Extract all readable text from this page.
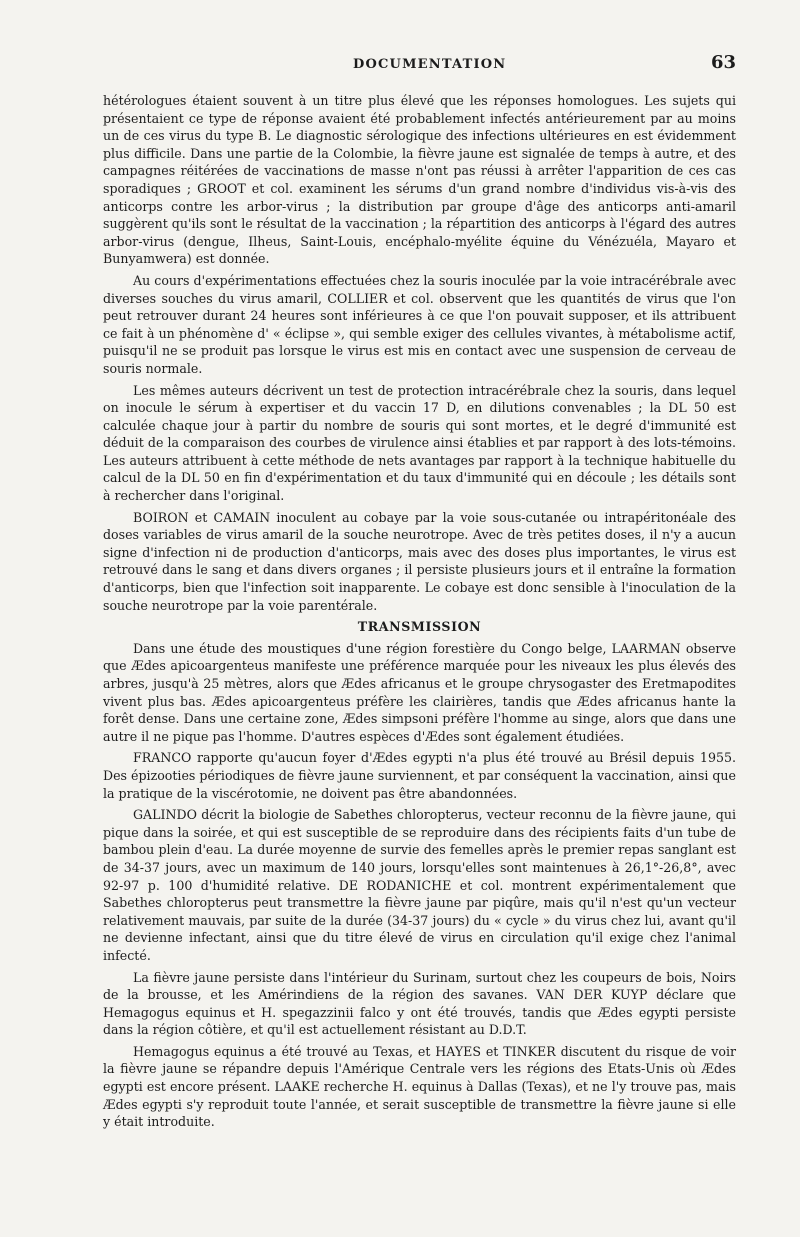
DOCUMENTATION	63

hétérologues étaient souvent à un titre plus élevé que les réponses homologues. Les sujets qui présentaient ce type de réponse avaient été probablement infectés antérieurement par au moins un de ces virus du type B. Le diagnostic sérologique des infections ultérieures en est évidemment plus difficile. Dans une partie de la Colombie, la fièvre jaune est signalée de temps à autre, et des campagnes réitérées de vaccinations de masse n'ont pas réussi à arrêter l'apparition de ces cas sporadiques ; GROOT et col. examinent les sérums d'un grand nombre d'individus vis-à-vis des anticorps contre les arbor-virus ; la distribution par groupe d'âge des anticorps anti-amaril suggèrent qu'ils sont le résultat de la vaccination ; la répartition des anticorps à l'égard des autres arbor-virus (dengue, Ilheus, Saint-Louis, encéphalo-myélite équine du Vénézuéla, Mayaro et Bunyamwera) est donnée.

Au cours d'expérimentations effectuées chez la souris inoculée par la voie intracérébrale avec diverses souches du virus amaril, COLLIER et col. observent que les quantités de virus que l'on peut retrouver durant 24 heures sont inférieures à ce que l'on pouvait supposer, et ils attribuent ce fait à un phénomène d' « éclipse », qui semble exiger des cellules vivantes, à métabolisme actif, puisqu'il ne se produit pas lorsque le virus est mis en contact avec une suspension de cerveau de souris normale.

Les mêmes auteurs décrivent un test de protection intracérébrale chez la souris, dans lequel on inocule le sérum à expertiser et du vaccin 17 D, en dilutions convenables ; la DL 50 est calculée chaque jour à partir du nombre de souris qui sont mortes, et le degré d'immunité est déduit de la comparaison des courbes de virulence ainsi établies et par rapport à des lots-témoins. Les auteurs attribuent à cette méthode de nets avantages par rapport à la technique habituelle du calcul de la DL 50 en fin d'expérimentation et du taux d'immunité qui en découle ; les détails sont à rechercher dans l'original.

BOIRON et CAMAIN inoculent au cobaye par la voie sous-cutanée ou intrapéritonéale des doses variables de virus amaril de la souche neurotrope. Avec de très petites doses, il n'y a aucun signe d'infection ni de production d'anticorps, mais avec des doses plus importantes, le virus est retrouvé dans le sang et dans divers organes ; il persiste plusieurs jours et il entraîne la formation d'anticorps, bien que l'infection soit inapparente. Le cobaye est donc sensible à l'inoculation de la souche neurotrope par la voie parentérale.

TRANSMISSION

Dans une étude des moustiques d'une région forestière du Congo belge, LAARMAN observe que Ædes apicoargenteus manifeste une préférence marquée pour les niveaux les plus élevés des arbres, jusqu'à 25 mètres, alors que Ædes africanus et le groupe chrysogaster des Eretmapodites vivent plus bas. Ædes apicoargenteus préfère les clairières, tandis que Ædes africanus hante la forêt dense. Dans une certaine zone, Ædes simpsoni préfère l'homme au singe, alors que dans une autre il ne pique pas l'homme. D'autres espèces d'Ædes sont également étudiées.

FRANCO rapporte qu'aucun foyer d'Ædes egypti n'a plus été trouvé au Brésil depuis 1955. Des épizooties périodiques de fièvre jaune surviennent, et par conséquent la vaccination, ainsi que la pratique de la viscérotomie, ne doivent pas être abandonnées.

GALINDO décrit la biologie de Sabethes chloropterus, vecteur reconnu de la fièvre jaune, qui pique dans la soirée, et qui est susceptible de se reproduire dans des récipients faits d'un tube de bambou plein d'eau. La durée moyenne de survie des femelles après le premier repas sanglant est de 34-37 jours, avec un maximum de 140 jours, lorsqu'elles sont maintenues à 26,1°-26,8°, avec 92-97 p. 100 d'humidité relative. DE RODANICHE et col. montrent expérimentalement que Sabethes chloropterus peut transmettre la fièvre jaune par piqûre, mais qu'il n'est qu'un vecteur relativement mauvais, par suite de la durée (34-37 jours) du « cycle » du virus chez lui, avant qu'il ne devienne infectant, ainsi que du titre élevé de virus en circulation qu'il exige chez l'animal infecté.

La fièvre jaune persiste dans l'intérieur du Surinam, surtout chez les coupeurs de bois, Noirs de la brousse, et les Amérindiens de la région des savanes. VAN DER KUYP déclare que Hemagogus equinus et H. spegazzinii falco y ont été trouvés, tandis que Ædes egypti persiste dans la région côtière, et qu'il est actuellement résistant au D.D.T.

Hemagogus equinus a été trouvé au Texas, et HAYES et TINKER discutent du risque de voir la fièvre jaune se répandre depuis l'Amérique Centrale vers les régions des Etats-Unis où Ædes egypti est encore présent. LAAKE recherche H. equinus à Dallas (Texas), et ne l'y trouve pas, mais Ædes egypti s'y reproduit toute l'année, et serait susceptible de transmettre la fièvre jaune si elle y était introduite.
